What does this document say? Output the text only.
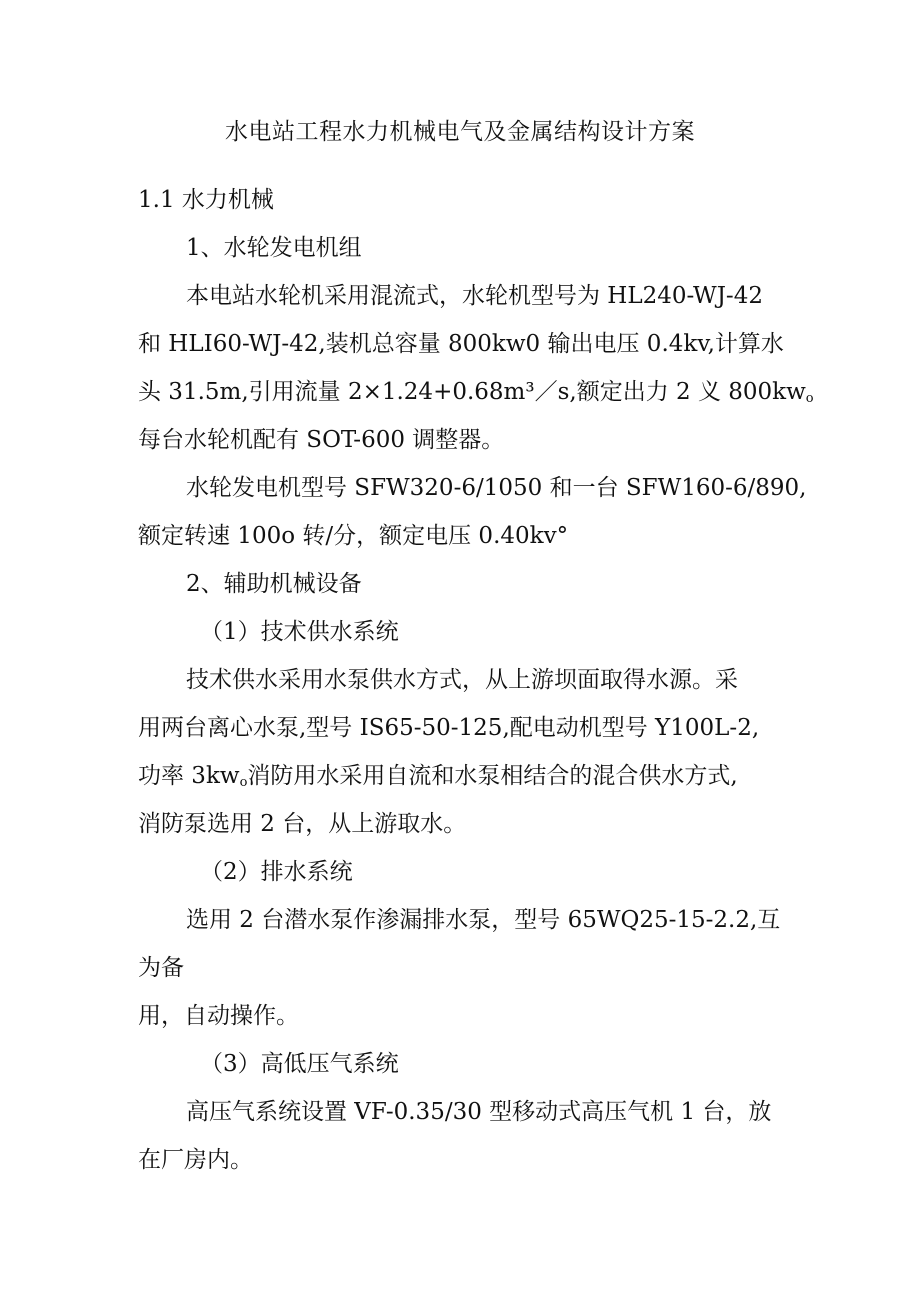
水电站工程水力机械电气及金属结构设计方案
1.1 水力机械
1、水轮发电机组
本电站水轮机采用混流式，水轮机型号为 HL240-WJ-42
和 HLI60-WJ-42,装机总容量 800kw0 输出电压 0.4kv,计算水
头 31.5m,引用流量 2×1.24+0.68m³／s,额定出力 2 义 $800kw_o$
每台水轮机配有 SOT-600 调整器。
水轮发电机型号 SFW320-6/1050 和一台 SFW160-6/890,
额定转速 100o 转/分，额定电压 0.40kv°
2、辅助机械设备
（1）技术供水系统
技术供水采用水泵供水方式，从上游坝面取得水源。采
用两台离心水泵,型号 IS65-50-125,配电动机型号 Y100L-2,
功率 $3kw_o$消防用水采用自流和水泵相结合的混合供水方式,
消防泵选用 2 台，从上游取水。
（2）排水系统
选用 2 台潜水泵作渗漏排水泵，型号 65WQ25-15-2.2,互
为备
用，自动操作。
（3）高低压气系统
高压气系统设置 VF-0.35/30 型移动式高压气机 1 台，放
在厂房内。
